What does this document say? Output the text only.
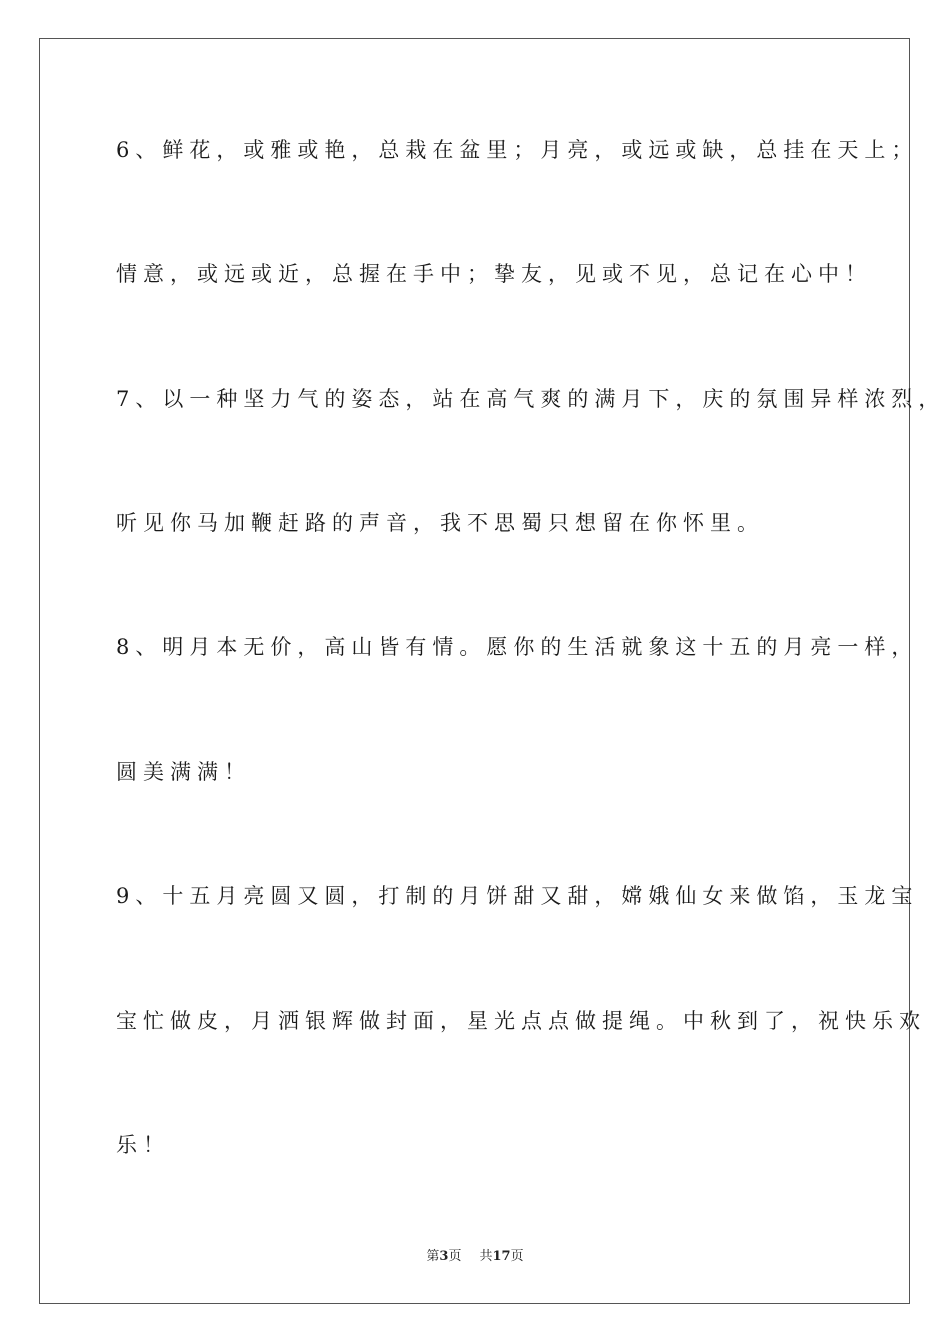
6、鲜花，或雅或艳，总栽在盆里；月亮，或远或缺，总挂在天上；
情意，或远或近，总握在手中；挚友，见或不见，总记在心中！
7、以一种坚力气的姿态，站在高气爽的满月下，庆的氛围异样浓烈，
听见你马加鞭赶路的声音，我不思蜀只想留在你怀里。
8、明月本无价，高山皆有情。愿你的生活就象这十五的月亮一样，
圆美满满！
9、十五月亮圆又圆，打制的月饼甜又甜，嫦娥仙女来做馅，玉龙宝
宝忙做皮，月洒银辉做封面，星光点点做提绳。中秋到了，祝快乐欢
乐！
第3页 共17页
